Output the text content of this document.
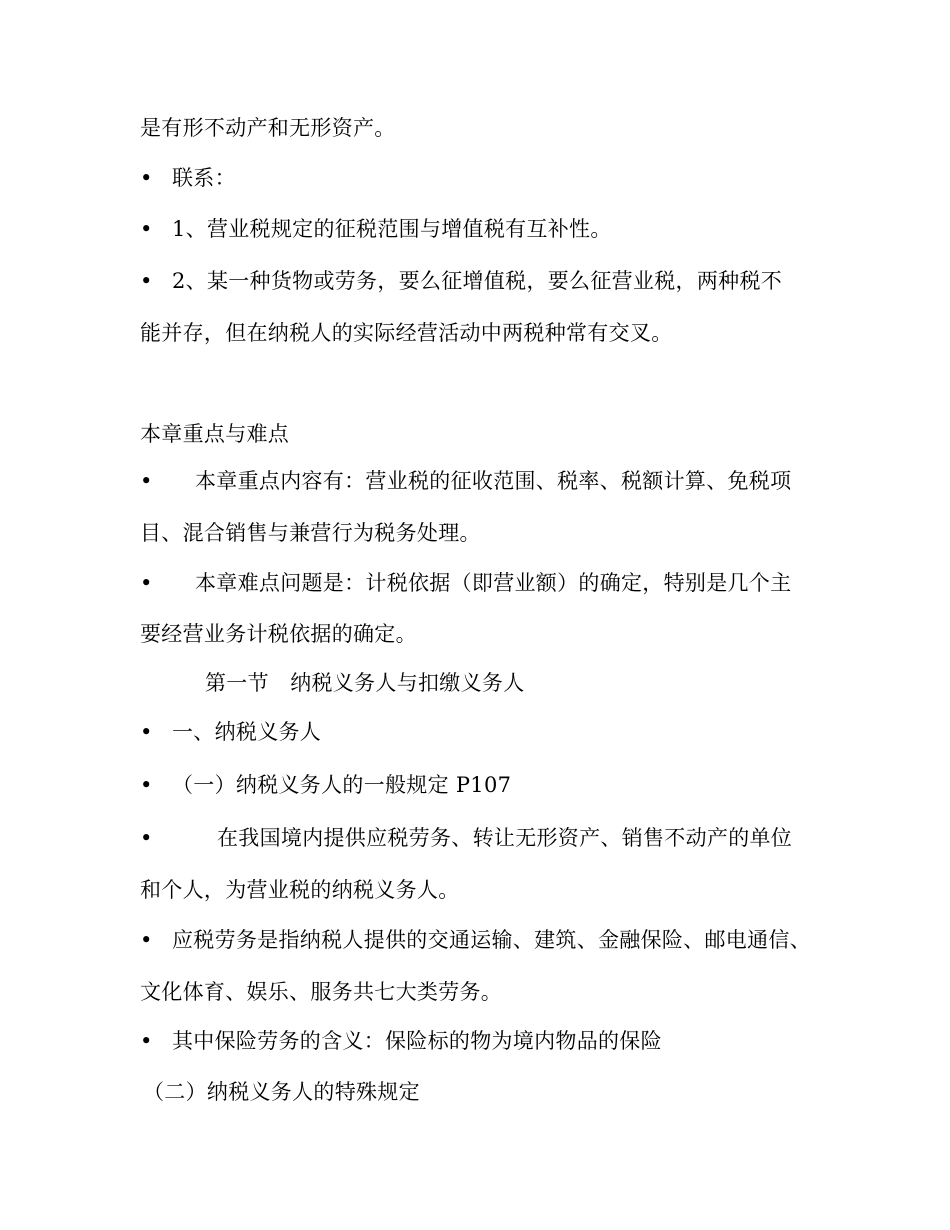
是有形不动产和无形资产。
• 联系：
• 1、营业税规定的征税范围与增值税有互补性。
• 2、某一种货物或劳务，要么征增值税，要么征营业税，两种税不
能并存，但在纳税人的实际经营活动中两税种常有交叉。
本章重点与难点
• 本章重点内容有：营业税的征收范围、税率、税额计算、免税项
目、混合销售与兼营行为税务处理。
• 本章难点问题是：计税依据（即营业额）的确定，特别是几个主
要经营业务计税依据的确定。
第一节　纳税义务人与扣缴义务人
• 一、纳税义务人
• （一）纳税义务人的一般规定 P107
•	在我国境内提供应税劳务、转让无形资产、销售不动产的单位
和个人，为营业税的纳税义务人。
• 应税劳务是指纳税人提供的交通运输、建筑、金融保险、邮电通信、
文化体育、娱乐、服务共七大类劳务。
• 其中保险劳务的含义：保险标的物为境内物品的保险
（二）纳税义务人的特殊规定
